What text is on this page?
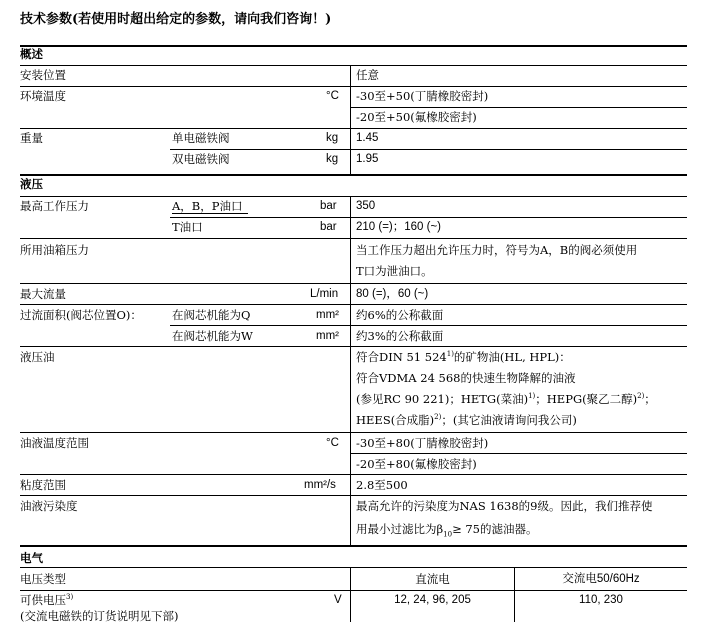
技术参数(若使用时超出给定的参数，请向我们咨询！)
概述
安装位置	任意
环境温度	°C -30至+50(丁腈橡胶密封)
-20至+50(氟橡胶密封)
重量	单电磁铁阀	kg 1.45
双电磁铁阀	kg 1.95
液压
最高工作压力	A，B，P油口	bar 350
T油口	bar 210 (=)；160 (~)
所用油箱压力	当工作压力超出允许压力时，符号为A，B的阀必须使用
T口为泄油口。
最大流量	L/min 80 (=)，60 (~)
过流面积(阀芯位置O)：	在阀芯机能为Q	mm² 约6%的公称截面
在阀芯机能为W	mm² 约3%的公称截面
液压油	符合DIN 51 524$^{1)}$的矿物油(HL, HPL)：
符合VDMA 24 568的快速生物降解的油液
(参见RC 90 221)；HETG(菜油)$^{1)}$；HEPG(聚乙二醇)$^{2)}$；
HEES(合成脂)$^{2)}$；(其它油液请询问我公司)
油液温度范围	°C -30至+80(丁腈橡胶密封)
-20至+80(氟橡胶密封)
粘度范围	mm²/s 2.8至500
油液污染度	最高允许的污染度为NAS 1638的9级。因此，我们推荐使
用最小过滤比为$\beta_{10}\ge 75$的滤油器。
电气
电压类型	直流电	交流电50/60Hz
可供电压$^{3)}$	V	12, 24, 96, 205	110, 230
(交流电磁铁的订货说明见下部)
